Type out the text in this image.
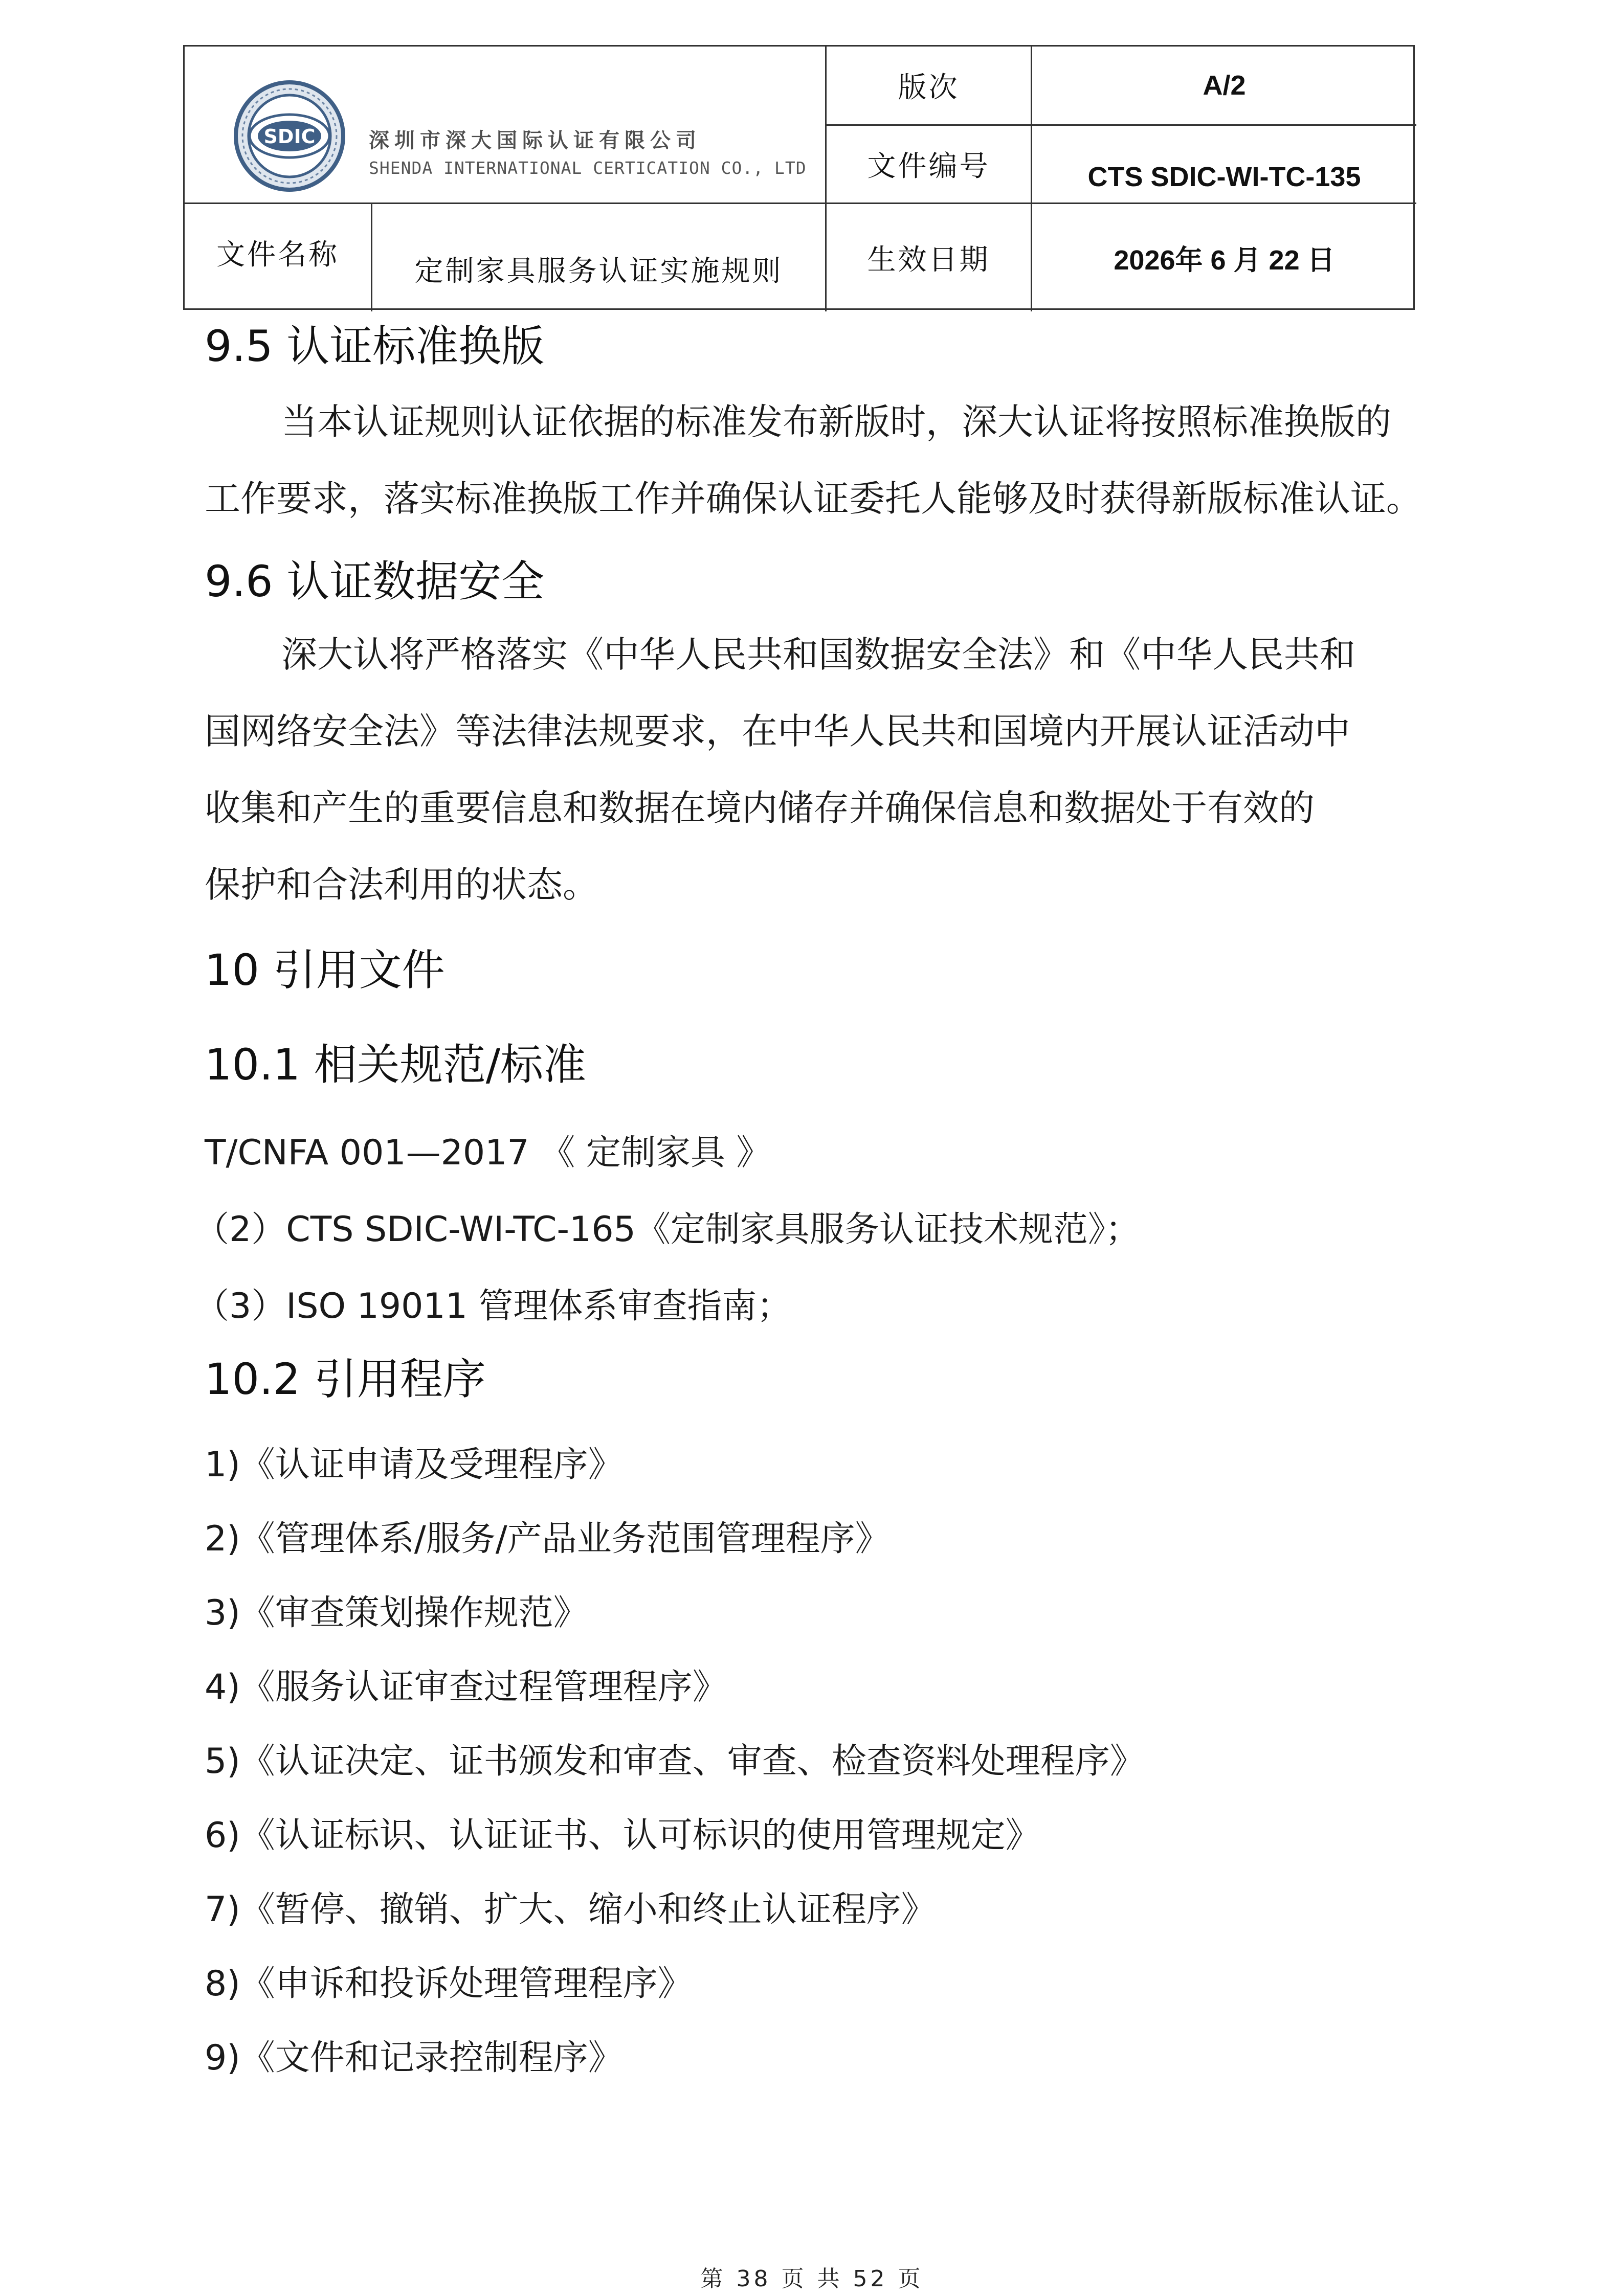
SDIC	深圳市深大国际认证有限公司
SHENDA INTERNATIONAL CERTICATION CO., LTD
版次	A/2
文件编号	CTS SDIC-WI-TC-135
文件名称	定制家具服务认证实施规则	生效日期	2026年 6 月 22 日
9.5 认证标准换版

当本认证规则认证依据的标准发布新版时，深大认证将按照标准换版的

工作要求，落实标准换版工作并确保认证委托人能够及时获得新版标准认证。

9.6 认证数据安全

深大认将严格落实《中华人民共和国数据安全法》和《中华人民共和

国网络安全法》等法律法规要求，在中华人民共和国境内开展认证活动中

收集和产生的重要信息和数据在境内储存并确保信息和数据处于有效的

保护和合法利用的状态。

10 引用文件
10.1 相关规范/标准
T/CNFA 001—2017 《 定制家具 》
（2）CTS SDIC-WI-TC-165《定制家具服务认证技术规范》；
（3）ISO 19011 管理体系审查指南；
10.2 引用程序
1)《认证申请及受理程序》
2)《管理体系/服务/产品业务范围管理程序》
3)《审查策划操作规范》
4)《服务认证审查过程管理程序》
5)《认证决定、证书颁发和审查、审查、检查资料处理程序》
6)《认证标识、认证证书、认可标识的使用管理规定》
7)《暂停、撤销、扩大、缩小和终止认证程序》
8)《申诉和投诉处理管理程序》
9)《文件和记录控制程序》
第 38 页 共 52 页
